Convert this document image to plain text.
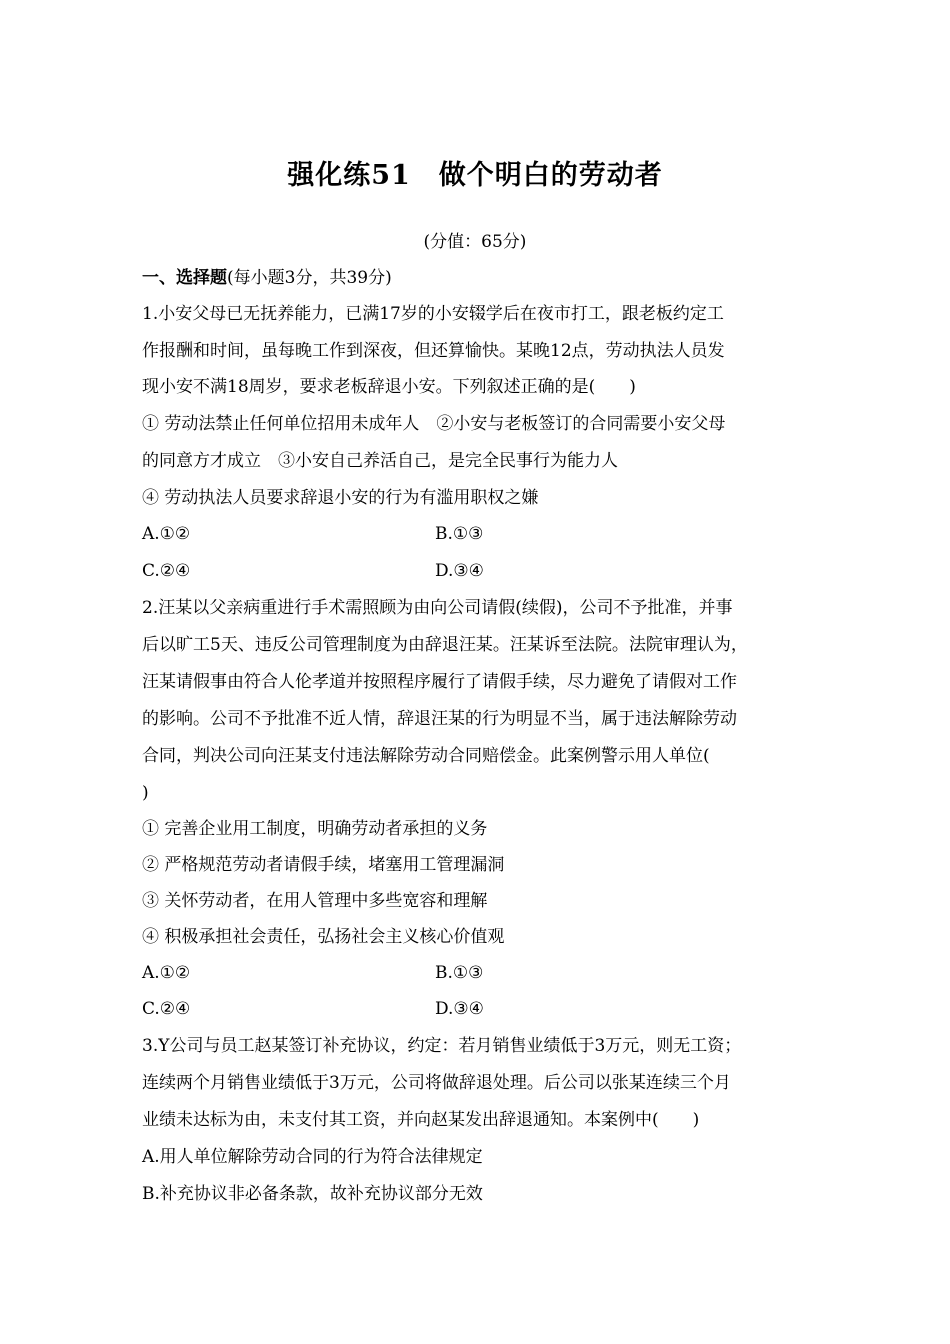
强化练51　做个明白的劳动者
(分值：65分)
一、选择题(每小题3分，共39分)
1.小安父母已无抚养能力，已满17岁的小安辍学后在夜市打工，跟老板约定工
作报酬和时间，虽每晚工作到深夜，但还算愉快。某晚12点，劳动执法人员发
现小安不满18周岁，要求老板辞退小安。下列叙述正确的是(　　)
① 劳动法禁止任何单位招用未成年人　②小安与老板签订的合同需要小安父母
的同意方才成立　③小安自己养活自己，是完全民事行为能力人
④ 劳动执法人员要求辞退小安的行为有滥用职权之嫌
A.①②	B.①③
C.②④	D.③④
2.汪某以父亲病重进行手术需照顾为由向公司请假(续假)，公司不予批准，并事
后以旷工5天、违反公司管理制度为由辞退汪某。汪某诉至法院。法院审理认为，
汪某请假事由符合人伦孝道并按照程序履行了请假手续，尽力避免了请假对工作
的影响。公司不予批准不近人情，辞退汪某的行为明显不当，属于违法解除劳动
合同，判决公司向汪某支付违法解除劳动合同赔偿金。此案例警示用人单位(
)
① 完善企业用工制度，明确劳动者承担的义务
② 严格规范劳动者请假手续，堵塞用工管理漏洞
③ 关怀劳动者，在用人管理中多些宽容和理解
④ 积极承担社会责任，弘扬社会主义核心价值观
A.①②	B.①③
C.②④	D.③④
3.Y公司与员工赵某签订补充协议，约定：若月销售业绩低于3万元，则无工资；
连续两个月销售业绩低于3万元，公司将做辞退处理。后公司以张某连续三个月
业绩未达标为由，未支付其工资，并向赵某发出辞退通知。本案例中(　　)
A.用人单位解除劳动合同的行为符合法律规定
B.补充协议非必备条款，故补充协议部分无效
